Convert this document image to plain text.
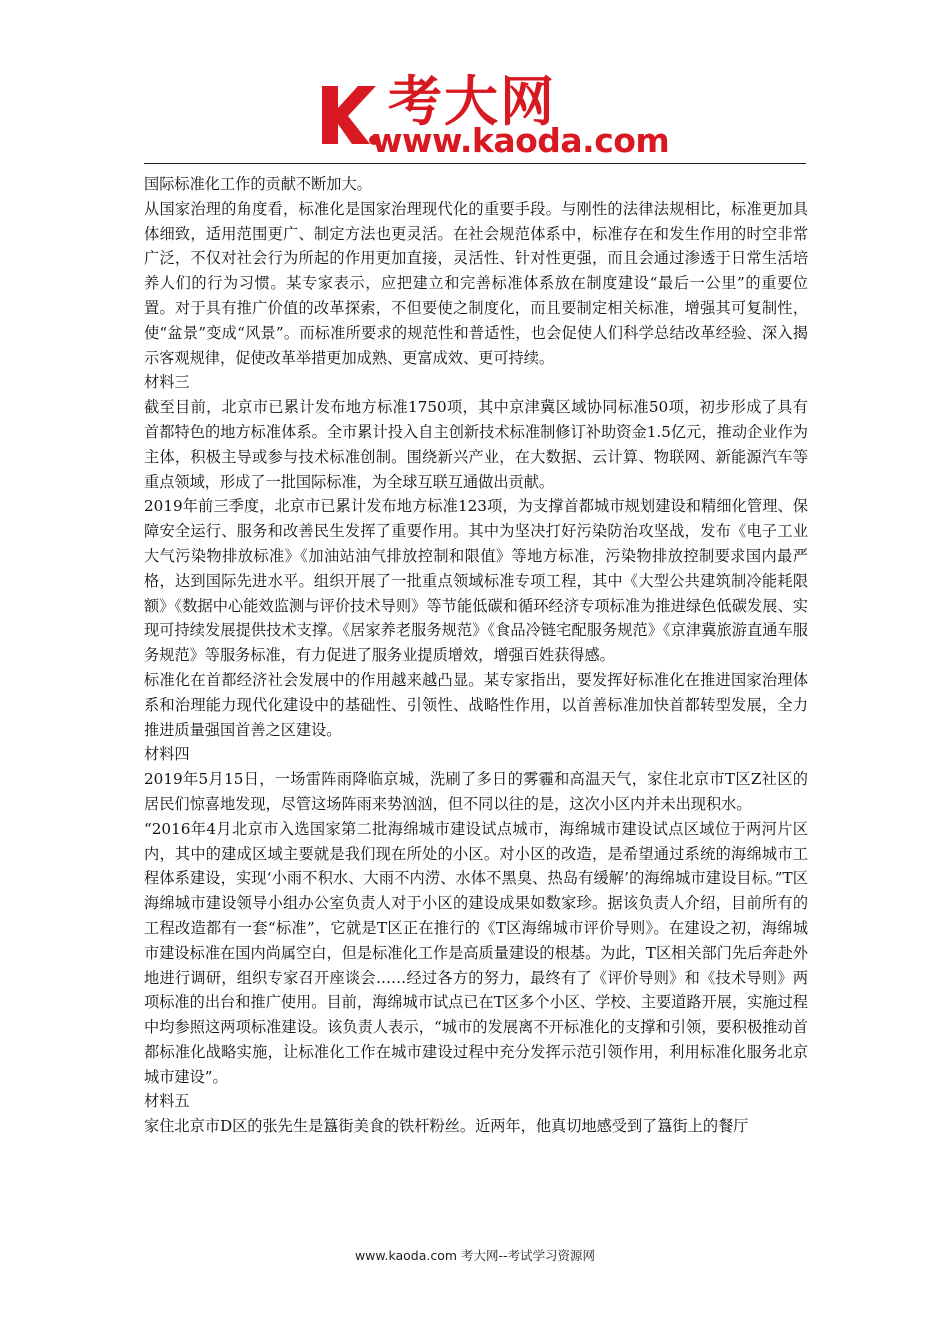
考大网
www.kaoda.com

国际标准化工作的贡献不断加大。

从国家治理的角度看，标准化是国家治理现代化的重要手段。与刚性的法律法规相比，标准更加具体细致，适用范围更广、制定方法也更灵活。在社会规范体系中，标准存在和发生作用的时空非常广泛，不仅对社会行为所起的作用更加直接，灵活性、针对性更强，而且会通过渗透于日常生活培养人们的行为习惯。某专家表示，应把建立和完善标准体系放在制度建设“最后一公里”的重要位置。对于具有推广价值的改革探索，不但要使之制度化，而且要制定相关标准，增强其可复制性，使“盆景”变成“风景”。而标准所要求的规范性和普适性，也会促使人们科学总结改革经验、深入揭示客观规律，促使改革举措更加成熟、更富成效、更可持续。

材料三

截至目前，北京市已累计发布地方标准1750项，其中京津冀区域协同标准50项，初步形成了具有首都特色的地方标准体系。全市累计投入自主创新技术标准制修订补助资金1.5亿元，推动企业作为主体，积极主导或参与技术标准创制。围绕新兴产业，在大数据、云计算、物联网、新能源汽车等重点领域，形成了一批国际标准，为全球互联互通做出贡献。

2019年前三季度，北京市已累计发布地方标准123项，为支撑首都城市规划建设和精细化管理、保障安全运行、服务和改善民生发挥了重要作用。其中为坚决打好污染防治攻坚战，发布《电子工业大气污染物排放标准》《加油站油气排放控制和限值》等地方标准，污染物排放控制要求国内最严格，达到国际先进水平。组织开展了一批重点领域标准专项工程，其中《大型公共建筑制冷能耗限额》《数据中心能效监测与评价技术导则》等节能低碳和循环经济专项标准为推进绿色低碳发展、实现可持续发展提供技术支撑。《居家养老服务规范》《食品冷链宅配服务规范》《京津冀旅游直通车服务规范》等服务标准，有力促进了服务业提质增效，增强百姓获得感。

标准化在首都经济社会发展中的作用越来越凸显。某专家指出，要发挥好标准化在推进国家治理体系和治理能力现代化建设中的基础性、引领性、战略性作用，以首善标准加快首都转型发展，全力推进质量强国首善之区建设。

材料四

2019年5月15日，一场雷阵雨降临京城，洗刷了多日的雾霾和高温天气，家住北京市T区Z社区的居民们惊喜地发现，尽管这场阵雨来势汹汹，但不同以往的是，这次小区内并未出现积水。

“2016年4月北京市入选国家第二批海绵城市建设试点城市，海绵城市建设试点区域位于两河片区内，其中的建成区域主要就是我们现在所处的小区。对小区的改造，是希望通过系统的海绵城市工程体系建设，实现‘小雨不积水、大雨不内涝、水体不黑臭、热岛有缓解’的海绵城市建设目标。”T区海绵城市建设领导小组办公室负责人对于小区的建设成果如数家珍。据该负责人介绍，目前所有的工程改造都有一套“标准”，它就是T区正在推行的《T区海绵城市评价导则》。在建设之初，海绵城市建设标准在国内尚属空白，但是标准化工作是高质量建设的根基。为此，T区相关部门先后奔赴外地进行调研，组织专家召开座谈会……经过各方的努力，最终有了《评价导则》和《技术导则》两项标准的出台和推广使用。目前，海绵城市试点已在T区多个小区、学校、主要道路开展，实施过程中均参照这两项标准建设。该负责人表示，“城市的发展离不开标准化的支撑和引领，要积极推动首都标准化战略实施，让标准化工作在城市建设过程中充分发挥示范引领作用，利用标准化服务北京城市建设”。

材料五

家住北京市D区的张先生是簋街美食的铁杆粉丝。近两年，他真切地感受到了簋街上的餐厅

www.kaoda.com 考大网--考试学习资源网
